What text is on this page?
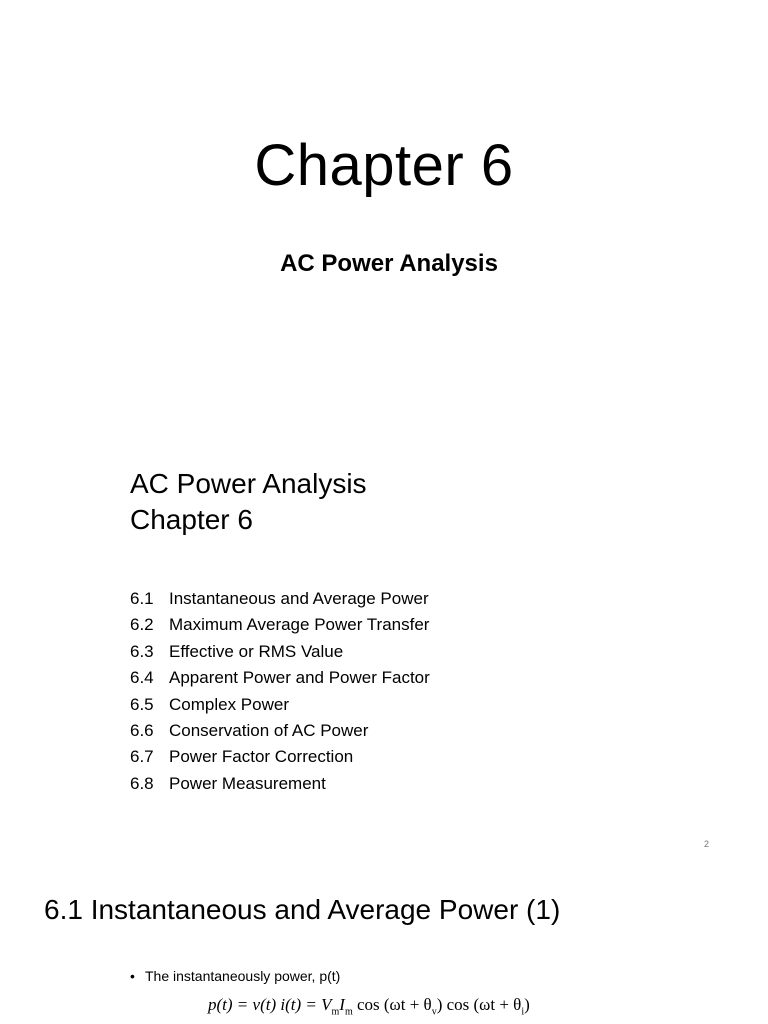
Chapter 6
AC Power Analysis
AC Power Analysis
Chapter 6
6.1 Instantaneous and Average Power
6.2 Maximum Average Power Transfer
6.3 Effective or RMS Value
6.4 Apparent Power and Power Factor
6.5 Complex Power
6.6 Conservation of AC Power
6.7 Power Factor Correction
6.8 Power Measurement
2
6.1 Instantaneous and Average Power (1)
• The instantaneously power, p(t)
p(t) = v(t) $i(t) = V_mI_m$ $\cos (\omega t + \theta_v)$ $\cos (\omega t + \theta_i)$
